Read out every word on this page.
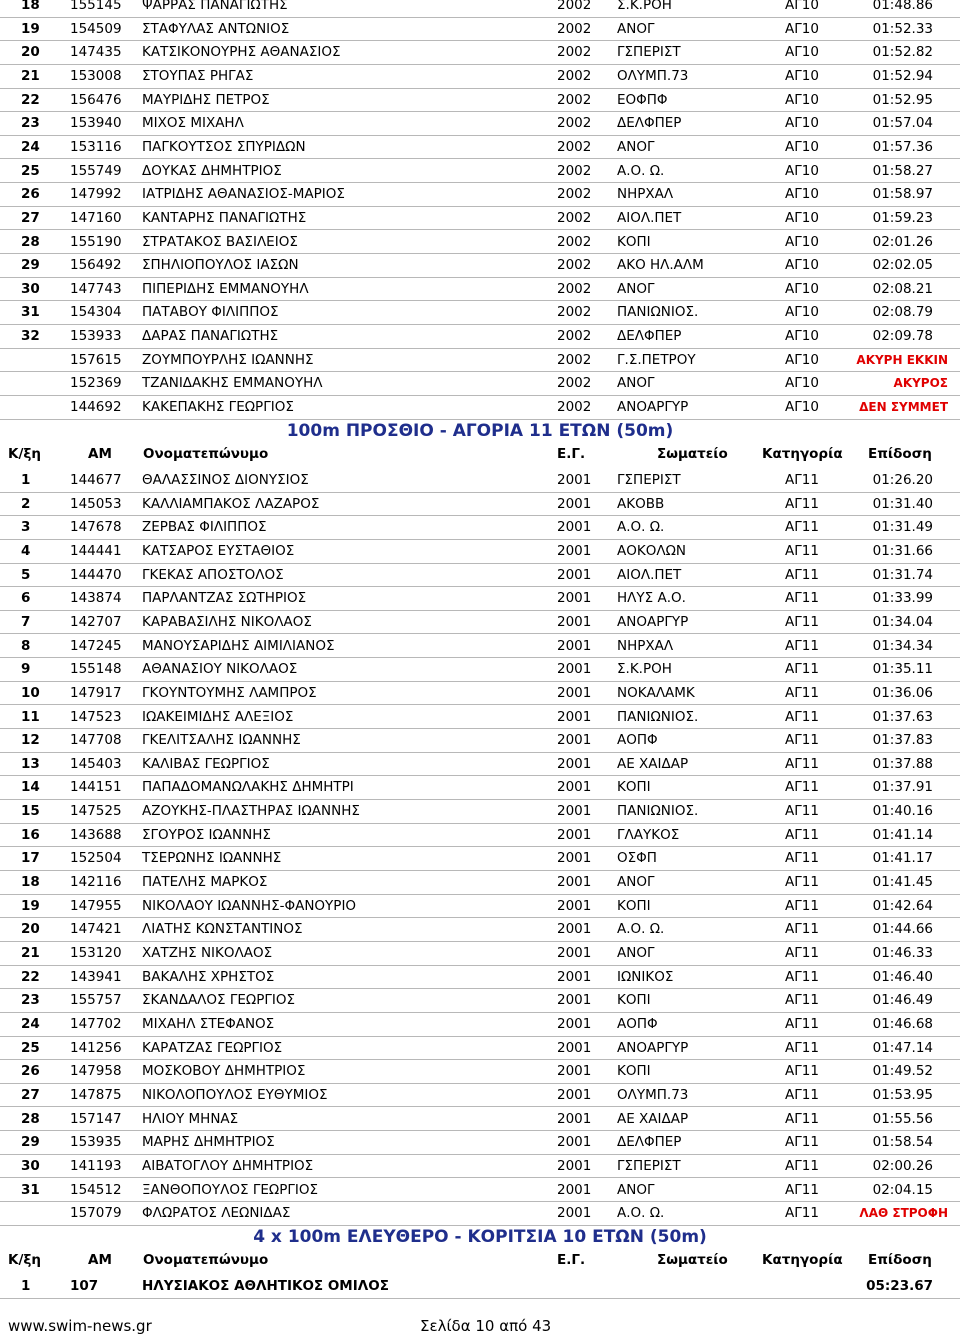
18 155145 ΨΑΡΡΑΣ ΠΑΝΑΓΙΩΤΗΣ	2002 Σ.Κ.ΡΟΗ	ΑΓ10	01:48.86
19 154509 ΣΤΑΦΥΛΑΣ ΑΝΤΩΝΙΟΣ	2002 ΑΝΟΓ	ΑΓ10	01:52.33
20 147435 ΚΑΤΣΙΚΟΝΟΥΡΗΣ ΑΘΑΝΑΣΙΟΣ	2002 ΓΣΠΕΡΙΣΤ	ΑΓ10	01:52.82
21 153008 ΣΤΟΥΠΑΣ ΡΗΓΑΣ	2002 ΟΛΥΜΠ.73	ΑΓ10	01:52.94
22 156476 ΜΑΥΡΙΔΗΣ ΠΕΤΡΟΣ	2002 ΕΟΦΠΦ	ΑΓ10	01:52.95
23 153940 ΜΙΧΟΣ ΜΙΧΑΗΛ	2002 ΔΕΛΦΠΕΡ	ΑΓ10	01:57.04
24 153116 ΠΑΓΚΟΥΤΣΟΣ ΣΠΥΡΙΔΩΝ	2002 ΑΝΟΓ	ΑΓ10	01:57.36
25 155749 ΔΟΥΚΑΣ ΔΗΜΗΤΡΙΟΣ	2002 Α.Ο. Ω.	ΑΓ10	01:58.27
26 147992 ΙΑΤΡΙΔΗΣ ΑΘΑΝΑΣΙΟΣ-ΜΑΡΙΟΣ	2002 ΝΗΡΧΑΛ	ΑΓ10	01:58.97
27 147160 ΚΑΝΤΑΡΗΣ ΠΑΝΑΓΙΩΤΗΣ	2002 ΑΙΟΛ.ΠΕΤ	ΑΓ10	01:59.23
28 155190 ΣΤΡΑΤΑΚΟΣ ΒΑΣΙΛΕΙΟΣ	2002 ΚΟΠΙ	ΑΓ10	02:01.26
29 156492 ΣΠΗΛΙΟΠΟΥΛΟΣ ΙΑΣΩΝ	2002 ΑΚΟ ΗΛ.ΑΛΜ	ΑΓ10	02:02.05
30 147743 ΠΙΠΕΡΙΔΗΣ ΕΜΜΑΝΟΥΗΛ	2002 ΑΝΟΓ	ΑΓ10	02:08.21
31 154304 ΠΑΤΑΒΟΥ ΦΙΛΙΠΠΟΣ	2002 ΠΑΝΙΩΝΙΟΣ.	ΑΓ10	02:08.79
32 153933 ΔΑΡΑΣ ΠΑΝΑΓΙΩΤΗΣ	2002 ΔΕΛΦΠΕΡ	ΑΓ10	02:09.78
157615 ΖΟΥΜΠΟΥΡΛΗΣ ΙΩΑΝΝΗΣ	2002 Γ.Σ.ΠΕΤΡΟΥ	ΑΓ10	ΑΚΥΡΗ ΕΚΚΙΝ
152369 ΤΖΑΝΙΔΑΚΗΣ ΕΜΜΑΝΟΥΗΛ	2002 ΑΝΟΓ	ΑΓ10	ΑΚΥΡΟΣ
144692 ΚΑΚΕΠΑΚΗΣ ΓΕΩΡΓΙΟΣ	2002 ΑΝΟΑΡΓΥΡ	ΑΓ10	ΔΕΝ ΣΥΜΜΕΤ
100m ΠΡΟΣΘΙΟ - ΑΓΟΡΙΑ 11 ΕΤΩΝ (50m)
Κ/ξη	ΑΜ Ονοματεπώνυμο	Ε.Γ.	Σωματείο	Κατηγορία Επίδοση
1	144677 ΘΑΛΑΣΣΙΝΟΣ ΔΙΟΝΥΣΙΟΣ	2001 ΓΣΠΕΡΙΣΤ	ΑΓ11	01:26.20
2	145053 ΚΑΛΛΙΑΜΠΑΚΟΣ ΛΑΖΑΡΟΣ	2001 ΑΚΟΒΒ	ΑΓ11	01:31.40
3	147678 ΖΕΡΒΑΣ ΦΙΛΙΠΠΟΣ	2001 Α.Ο. Ω.	ΑΓ11	01:31.49
4	144441 ΚΑΤΣΑΡΟΣ ΕΥΣΤΑΘΙΟΣ	2001 ΑΟΚΟΛΩΝ	ΑΓ11	01:31.66
5	144470 ΓΚΕΚΑΣ ΑΠΟΣΤΟΛΟΣ	2001 ΑΙΟΛ.ΠΕΤ	ΑΓ11	01:31.74
6	143874 ΠΑΡΛΑΝΤΖΑΣ ΣΩΤΗΡΙΟΣ	2001 ΗΛΥΣ Α.Ο.	ΑΓ11	01:33.99
7	142707 ΚΑΡΑΒΑΣΙΛΗΣ ΝΙΚΟΛΑΟΣ	2001 ΑΝΟΑΡΓΥΡ	ΑΓ11	01:34.04
8	147245 ΜΑΝΟΥΣΑΡΙΔΗΣ ΑΙΜΙΛΙΑΝΟΣ	2001 ΝΗΡΧΑΛ	ΑΓ11	01:34.34
9	155148 ΑΘΑΝΑΣΙΟΥ ΝΙΚΟΛΑΟΣ	2001 Σ.Κ.ΡΟΗ	ΑΓ11	01:35.11
10 147917 ΓΚΟΥΝΤΟΥΜΗΣ ΛΑΜΠΡΟΣ	2001 ΝΟΚΑΛΑΜΚ	ΑΓ11	01:36.06
11 147523 ΙΩΑΚΕΙΜΙΔΗΣ ΑΛΕΞΙΟΣ	2001 ΠΑΝΙΩΝΙΟΣ.	ΑΓ11	01:37.63
12 147708 ΓΚΕΛΙΤΣΑΛΗΣ ΙΩΑΝΝΗΣ	2001 ΑΟΠΦ	ΑΓ11	01:37.83
13 145403 ΚΑΛΙΒΑΣ ΓΕΩΡΓΙΟΣ	2001 ΑΕ ΧΑΙΔΑΡ	ΑΓ11	01:37.88
14 144151 ΠΑΠΑΔΟΜΑΝΩΛΑΚΗΣ ΔΗΜΗΤΡΙ	2001 ΚΟΠΙ	ΑΓ11	01:37.91
15 147525 ΑΖΟΥΚΗΣ-ΠΛΑΣΤΗΡΑΣ ΙΩΑΝΝΗΣ	2001 ΠΑΝΙΩΝΙΟΣ.	ΑΓ11	01:40.16
16 143688 ΣΓΟΥΡΟΣ ΙΩΑΝΝΗΣ	2001 ΓΛΑΥΚΟΣ	ΑΓ11	01:41.14
17 152504 ΤΣΕΡΩΝΗΣ ΙΩΑΝΝΗΣ	2001 ΟΣΦΠ	ΑΓ11	01:41.17
18 142116 ΠΑΤΕΛΗΣ ΜΑΡΚΟΣ	2001 ΑΝΟΓ	ΑΓ11	01:41.45
19 147955 ΝΙΚΟΛΑΟΥ ΙΩΑΝΝΗΣ-ΦΑΝΟΥΡΙΟ	2001 ΚΟΠΙ	ΑΓ11	01:42.64
20 147421 ΛΙΑΤΗΣ ΚΩΝΣΤΑΝΤΙΝΟΣ	2001 Α.Ο. Ω.	ΑΓ11	01:44.66
21 153120 ΧΑΤΖΗΣ ΝΙΚΟΛΑΟΣ	2001 ΑΝΟΓ	ΑΓ11	01:46.33
22 143941 ΒΑΚΑΛΗΣ ΧΡΗΣΤΟΣ	2001 ΙΩΝΙΚΟΣ	ΑΓ11	01:46.40
23 155757 ΣΚΑΝΔΑΛΟΣ ΓΕΩΡΓΙΟΣ	2001 ΚΟΠΙ	ΑΓ11	01:46.49
24 147702 ΜΙΧΑΗΛ ΣΤΕΦΑΝΟΣ	2001 ΑΟΠΦ	ΑΓ11	01:46.68
25 141256 ΚΑΡΑΤΖΑΣ ΓΕΩΡΓΙΟΣ	2001 ΑΝΟΑΡΓΥΡ	ΑΓ11	01:47.14
26 147958 ΜΟΣΚΟΒΟΥ ΔΗΜΗΤΡΙΟΣ	2001 ΚΟΠΙ	ΑΓ11	01:49.52
27 147875 ΝΙΚΟΛΟΠΟΥΛΟΣ ΕΥΘΥΜΙΟΣ	2001 ΟΛΥΜΠ.73	ΑΓ11	01:53.95
28 157147 ΗΛΙΟΥ ΜΗΝΑΣ	2001 ΑΕ ΧΑΙΔΑΡ	ΑΓ11	01:55.56
29 153935 ΜΑΡΗΣ ΔΗΜΗΤΡΙΟΣ	2001 ΔΕΛΦΠΕΡ	ΑΓ11	01:58.54
30 141193 ΑΙΒΑΤΟΓΛΟΥ ΔΗΜΗΤΡΙΟΣ	2001 ΓΣΠΕΡΙΣΤ	ΑΓ11	02:00.26
31 154512 ΞΑΝΘΟΠΟΥΛΟΣ ΓΕΩΡΓΙΟΣ	2001 ΑΝΟΓ	ΑΓ11	02:04.15
157079 ΦΛΩΡΑΤΟΣ ΛΕΩΝΙΔΑΣ	2001 Α.Ο. Ω.	ΑΓ11	ΛΑΘ ΣΤΡΟΦΗ
4 x 100m ΕΛΕΥΘΕΡΟ - ΚΟΡΙΤΣΙΑ 10 ΕΤΩΝ (50m)
Κ/ξη	ΑΜ Ονοματεπώνυμο	Ε.Γ.	Σωματείο	Κατηγορία Επίδοση
1	107	ΗΛΥΣΙΑΚΟΣ ΑΘΛΗΤΙΚΟΣ ΟΜΙΛΟΣ	05:23.67
www.swim-news.gr	Σελίδα 10 από 43
